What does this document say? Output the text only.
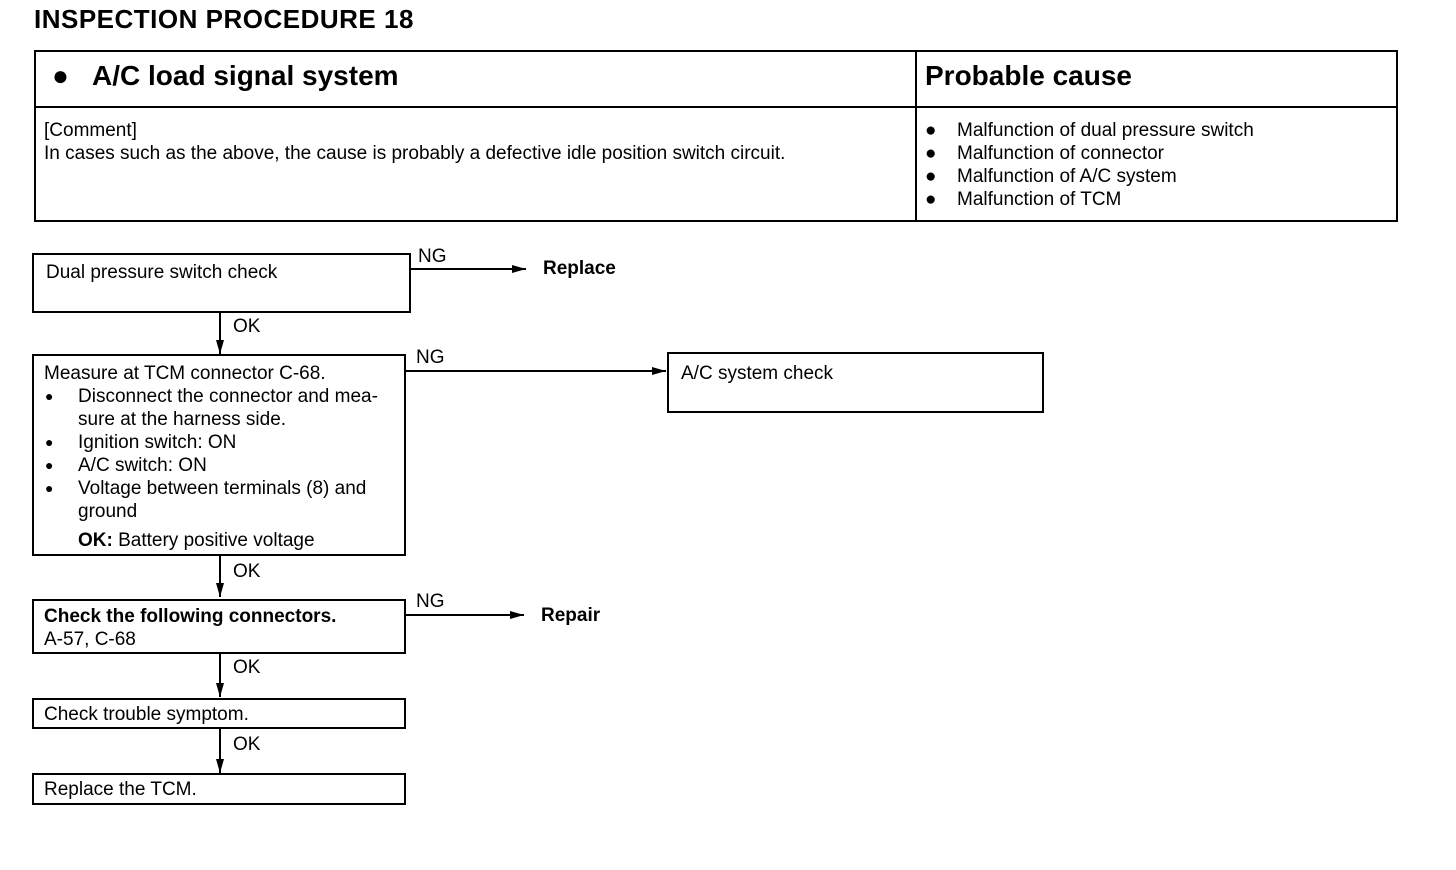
INSPECTION PROCEDURE 18
● A/C load signal system	Probable cause
[Comment]
In cases such as the above, the cause is probably a defective idle position switch circuit.
● Malfunction of dual pressure switch
● Malfunction of connector
● Malfunction of A/C system
● Malfunction of TCM
Dual pressure switch check
NG
Replace
OK
Measure at TCM connector C-68.
● Disconnect the connector and mea-sure at the harness side.
● Ignition switch: ON
● A/C switch: ON
● Voltage between terminals (8) and ground
OK: Battery positive voltage
NG
A/C system check
OK
Check the following connectors.
A-57, C-68
NG
Repair
OK
Check trouble symptom.
OK
Replace the TCM.
